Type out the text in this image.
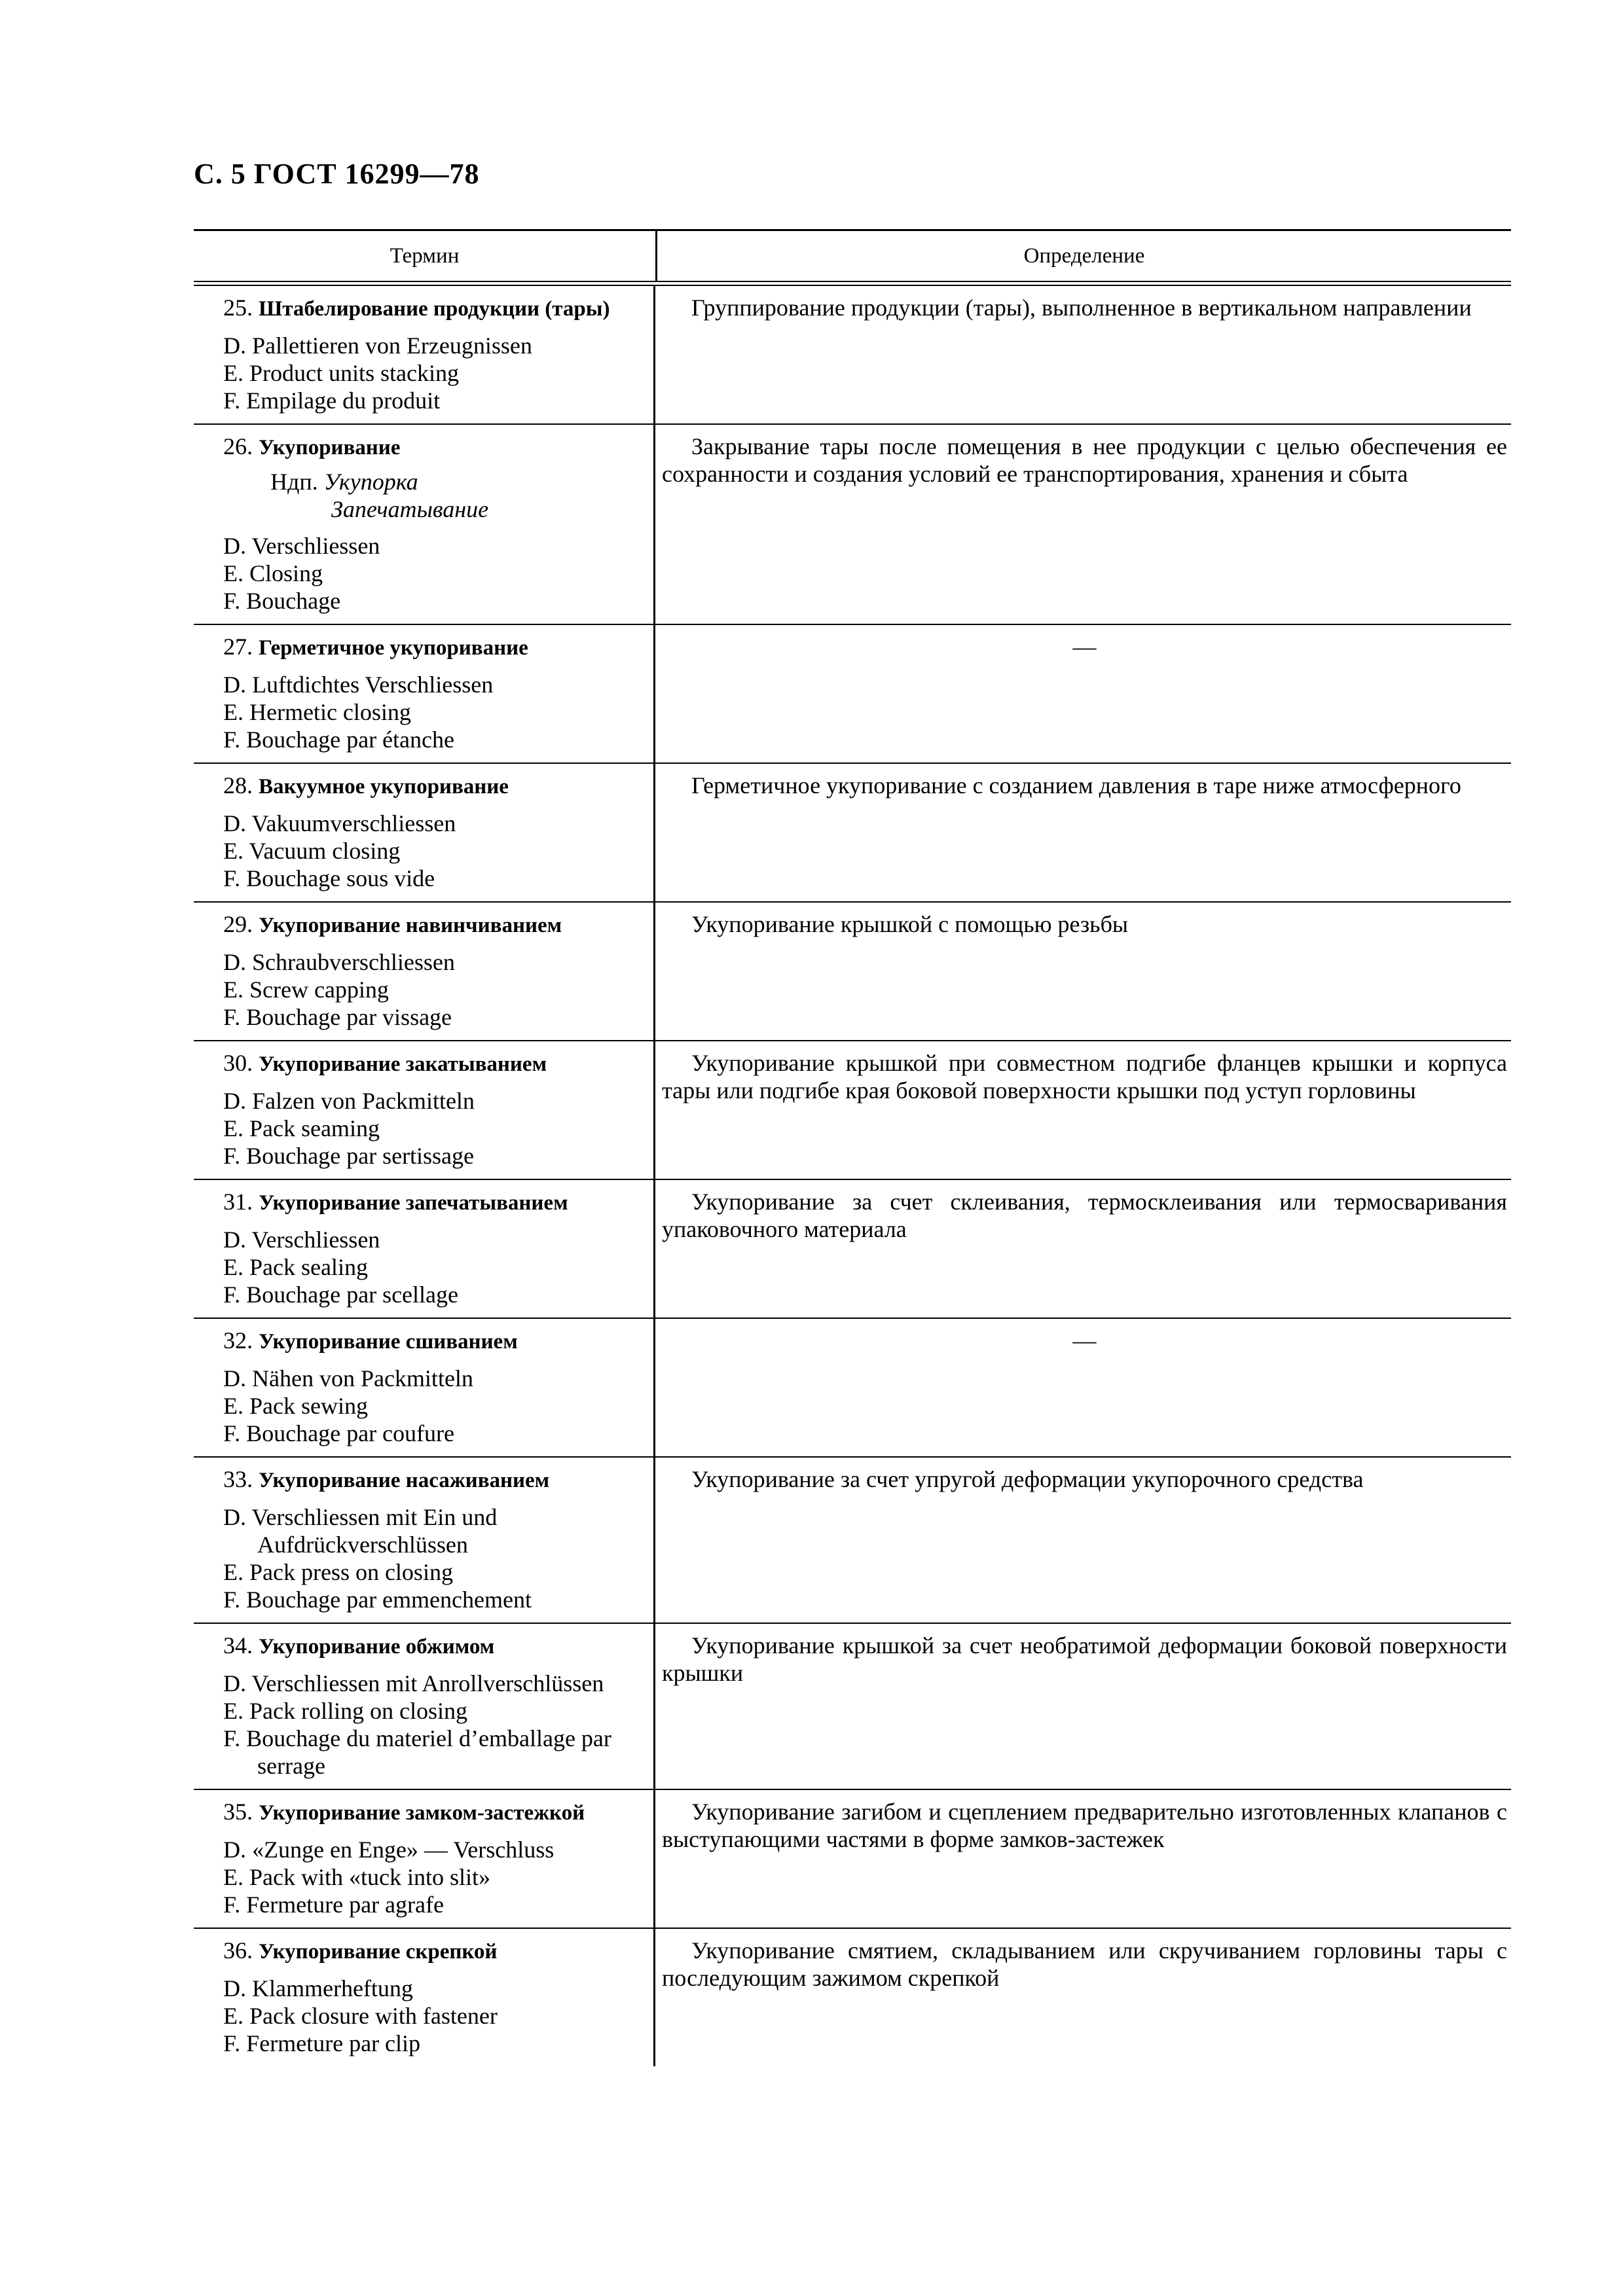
С. 5 ГОСТ 16299—78
Термин	Определение
25. Штабелирование продукции (тары)
D. Pallettieren von Erzeugnissen
E. Product units stacking
F. Empilage du produit
Группирование продукции (тары), выполненное в вертикальном направлении
26. Укупоривание
Ндп. Укупорка
Запечатывание
D. Verschliessen
E. Closing
F. Bouchage
Закрывание тары после помещения в нее продукции с целью обеспечения ее сохранности и создания условий ее транспортирования, хранения и сбыта
27. Герметичное укупоривание
D. Luftdichtes Verschliessen
E. Hermetic closing
F. Bouchage par étanche
—
28. Вакуумное укупоривание
D. Vakuumverschliessen
E. Vacuum closing
F. Bouchage sous vide
Герметичное укупоривание с созданием давления в таре ниже атмосферного
29. Укупоривание навинчиванием
D. Schraubverschliessen
E. Screw capping
F. Bouchage par vissage
Укупоривание крышкой с помощью резьбы
30. Укупоривание закатыванием
D. Falzen von Packmitteln
E. Pack seaming
F. Bouchage par sertissage
Укупоривание крышкой при совместном подгибе фланцев крышки и корпуса тары или подгибе края боковой поверхности крышки под уступ горловины
31. Укупоривание запечатыванием
D. Verschliessen
E. Pack sealing
F. Bouchage par scellage
Укупоривание за счет склеивания, термосклеивания или термосваривания упаковочного материала
32. Укупоривание сшиванием
D. Nähen von Packmitteln
E. Pack sewing
F. Bouchage par coufure
—
33. Укупоривание насаживанием
D. Verschliessen mit Ein und Aufdrückverschlüssen
E. Pack press on closing
F. Bouchage par emmenchement
Укупоривание за счет упругой деформации укупорочного средства
34. Укупоривание обжимом
D. Verschliessen mit Anrollverschlüssen
E. Pack rolling on closing
F. Bouchage du materiel d’emballage par serrage
Укупоривание крышкой за счет необратимой деформации боковой поверхности крышки
35. Укупоривание замком-застежкой
D. «Zunge en Enge» — Verschluss
E. Pack with «tuck into slit»
F. Fermeture par agrafe
Укупоривание загибом и сцеплением предварительно изготовленных клапанов с выступающими частями в форме замков-застежек
36. Укупоривание скрепкой
D. Klammerheftung
E. Pack closure with fastener
F. Fermeture par clip
Укупоривание смятием, складыванием или скручиванием горловины тары с последующим зажимом скрепкой
